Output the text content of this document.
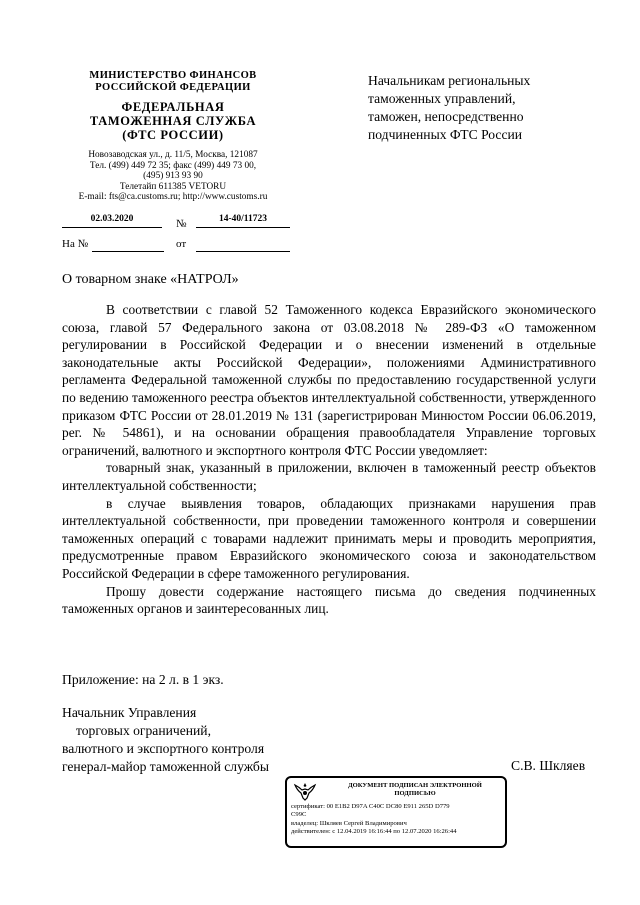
МИНИСТЕРСТВО ФИНАНСОВ
РОССИЙСКОЙ ФЕДЕРАЦИИ
ФЕДЕРАЛЬНАЯ
ТАМОЖЕННАЯ СЛУЖБА
(ФТС РОССИИ)
Новозаводская ул., д. 11/5, Москва, 121087
Тел. (499) 449 72 35; факс (499) 449 73 00,
(495) 913 93 90
Телетайп 611385 VETORU
E-mail: fts@ca.customs.ru; http://www.customs.ru
02.03.2020	№	14-40/11723
На №	от
Начальникам региональных
таможенных управлений,
таможен, непосредственно
подчиненных ФТС России
О товарном знаке «НАТРОЛ»

В соответствии с главой 52 Таможенного кодекса Евразийского экономического союза, главой 57 Федерального закона от 03.08.2018 № 289-ФЗ «О таможенном регулировании в Российской Федерации и о внесении изменений в отдельные законодательные акты Российской Федерации», положениями Административного регламента Федеральной таможенной службы по предоставлению государственной услуги по ведению таможенного реестра объектов интеллектуальной собственности, утвержденного приказом ФТС России от 28.01.2019 № 131 (зарегистрирован Минюстом России 06.06.2019, рег. № 54861), и на основании обращения правообладателя Управление торговых ограничений, валютного и экспортного контроля ФТС России уведомляет:

товарный знак, указанный в приложении, включен в таможенный реестр объектов интеллектуальной собственности;

в случае выявления товаров, обладающих признаками нарушения прав интеллектуальной собственности, при проведении таможенного контроля и совершении таможенных операций с товарами надлежит принимать меры и проводить мероприятия, предусмотренные правом Евразийского экономического союза и законодательством Российской Федерации в сфере таможенного регулирования.

Прошу довести содержание настоящего письма до сведения подчиненных таможенных органов и заинтересованных лиц.

Приложение: на 2 л. в 1 экз.
Начальник Управления
торговых ограничений,
валютного и экспортного контроля
генерал-майор таможенной службы	С.В. Шкляев
ДОКУМЕНТ ПОДПИСАН ЭЛЕКТРОННОЙ
ПОДПИСЬЮ
сертификат: 00 E1B2 D97A C40C DC80 E911 265D D779
C99C
владелец: Шкляев Сергей Владимирович
действителен: с 12.04.2019 16:16:44 по 12.07.2020 16:26:44
